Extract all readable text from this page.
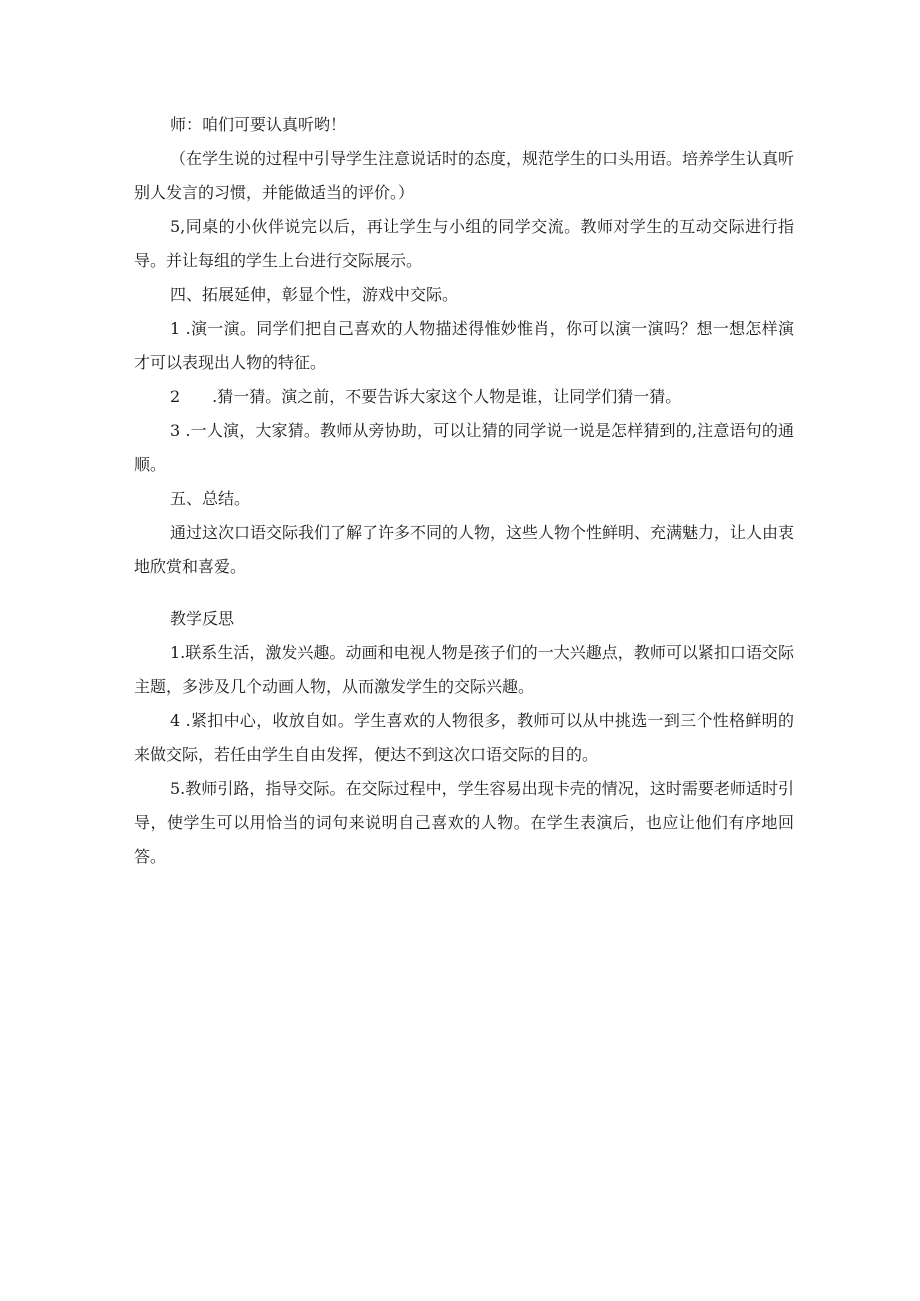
师：咱们可要认真听哟！

（在学生说的过程中引导学生注意说话时的态度，规范学生的口头用语。培养学生认真听别人发言的习惯，并能做适当的评价。）

5,同桌的小伙伴说完以后，再让学生与小组的同学交流。教师对学生的互动交际进行指导。并让每组的学生上台进行交际展示。

四、拓展延伸，彰显个性，游戏中交际。

1 .演一演。同学们把自己喜欢的人物描述得惟妙惟肖，你可以演一演吗？想一想怎样演才可以表现出人物的特征。

2  .猜一猜。演之前，不要告诉大家这个人物是谁，让同学们猜一猜。

3 .一人演，大家猜。教师从旁协助，可以让猜的同学说一说是怎样猜到的,注意语句的通顺。

五、总结。

通过这次口语交际我们了解了许多不同的人物，这些人物个性鲜明、充满魅力，让人由衷地欣赏和喜爱。

教学反思

1.联系生活，激发兴趣。动画和电视人物是孩子们的一大兴趣点，教师可以紧扣口语交际主题，多涉及几个动画人物，从而激发学生的交际兴趣。

4 .紧扣中心，收放自如。学生喜欢的人物很多，教师可以从中挑选一到三个性格鲜明的来做交际，若任由学生自由发挥，便达不到这次口语交际的目的。

5.教师引路，指导交际。在交际过程中，学生容易出现卡壳的情况，这时需要老师适时引导，使学生可以用恰当的词句来说明自己喜欢的人物。在学生表演后，也应让他们有序地回答。
